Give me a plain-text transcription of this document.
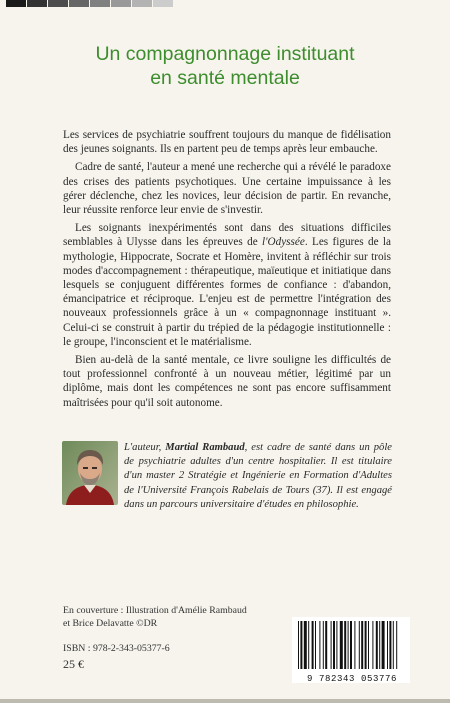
Un compagnonnage instituant
en santé mentale

Les services de psychiatrie souffrent toujours du manque de fidélisation des jeunes soignants. Ils en partent peu de temps après leur embauche.

Cadre de santé, l'auteur a mené une recherche qui a révélé le paradoxe des crises des patients psychotiques. Une certaine impuissance à les gérer déclenche, chez les novices, leur décision de partir. En revanche, leur réussite renforce leur envie de s'investir.

Les soignants inexpérimentés sont dans des situations difficiles semblables à Ulysse dans les épreuves de l'Odyssée. Les figures de la mythologie, Hippocrate, Socrate et Homère, invitent à réfléchir sur trois modes d'accompagnement : thérapeutique, maïeutique et initiatique dans lesquels se conjuguent différentes formes de confiance : d'abandon, émancipatrice et réciproque. L'enjeu est de permettre l'intégration des nouveaux professionnels grâce à un « compagnonnage instituant ». Celui-ci se construit à partir du trépied de la pédagogie institutionnelle : le groupe, l'inconscient et le matérialisme.

Bien au-delà de la santé mentale, ce livre souligne les difficultés de tout professionnel confronté à un nouveau métier, légitimé par un diplôme, mais dont les compétences ne sont pas encore suffisamment maîtrisées pour qu'il soit autonome.

L'auteur, Martial Rambaud, est cadre de santé dans un pôle de psychiatrie adultes d'un centre hospitalier. Il est titulaire d'un master 2 Stratégie et Ingénierie en Formation d'Adultes de l'Université François Rabelais de Tours (37). Il est engagé dans un parcours universitaire d'études en philosophie.
En couverture : Illustration d'Amélie Rambaud
et Brice Delavatte ©DR
ISBN : 978-2-343-05377-6
25 €
9 782343 053776
